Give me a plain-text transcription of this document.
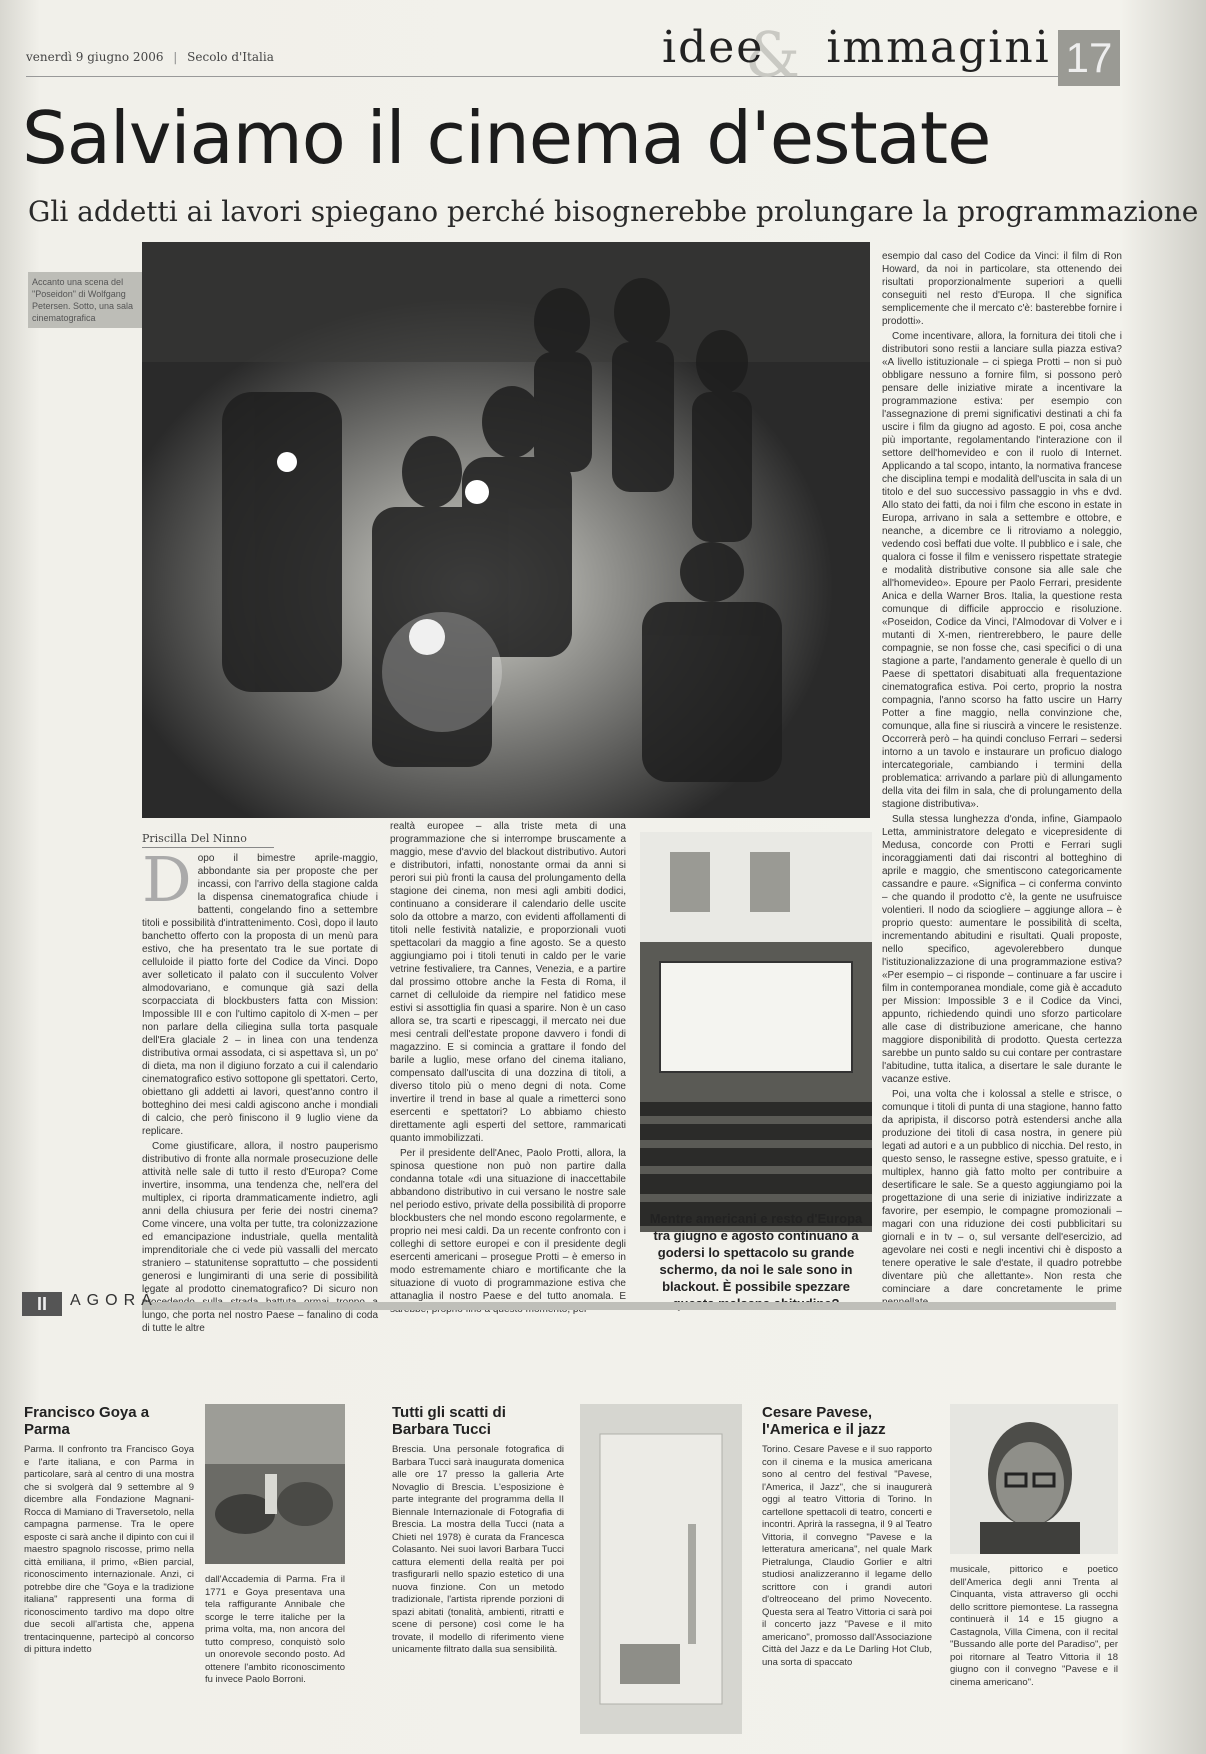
venerdì 9 giugno 2006 | Secolo d'Italia	&
idee immagini 17
Salviamo il cinema d'estate
Gli addetti ai lavori spiegano perché bisognerebbe prolungare la programmazione
Accanto una scena del "Poseidon" di Wolfgang Petersen. Sotto, una sala cinematografica
Priscilla Del Ninno

Dopo il bimestre aprile-maggio, abbondante sia per proposte che per incassi, con l'arrivo della stagione calda la dispensa cinematografica chiude i battenti, congelando fino a settembre titoli e possibilità d'intrattenimento. Così, dopo il lauto banchetto offerto con la proposta di un menù para estivo, che ha presentato tra le sue portate di celluloide il piatto forte del Codice da Vinci. Dopo aver solleticato il palato con il succulento Volver almodovariano, e comunque già sazi della scorpacciata di blockbusters fatta con Mission: Impossible III e con l'ultimo capitolo di X-men – per non parlare della ciliegina sulla torta pasquale dell'Era glaciale 2 – in linea con una tendenza distributiva ormai assodata, ci si aspettava sì, un po' di dieta, ma non il digiuno forzato a cui il calendario cinematografico estivo sottopone gli spettatori. Certo, obiettano gli addetti ai lavori, quest'anno contro il botteghino dei mesi caldi agiscono anche i mondiali di calcio, che però finiscono il 9 luglio viene da replicare.

Come giustificare, allora, il nostro pauperismo distributivo di fronte alla normale prosecuzione delle attività nelle sale di tutto il resto d'Europa? Come invertire, insomma, una tendenza che, nell'era del multiplex, ci riporta drammaticamente indietro, agli anni della chiusura per ferie dei nostri cinema? Come vincere, una volta per tutte, tra colonizzazione ed emancipazione industriale, quella mentalità imprenditoriale che ci vede più vassalli del mercato straniero – statunitense soprattutto – che possidenti generosi e lungimiranti di una serie di possibilità legate al prodotto cinematografico? Di sicuro non lungo, che porta nel nostro Paese – fanalino di coda di tutte le altre

realtà europee – alla triste meta di una programmazione che si interrompe bruscamente a maggio, mese d'avvio del blackout distributivo. Autori e distributori, infatti, nonostante ormai da anni si perori sui più fronti la causa del prolungamento della stagione dei cinema, non mesi agli ambiti dodici, continuano a considerare il calendario delle uscite solo da ottobre a marzo, con evidenti affollamenti di titoli nelle festività natalizie, e proporzionali vuoti spettacolari da maggio a fine agosto. Se a questo aggiungiamo poi i titoli tenuti in caldo per le varie vetrine festivaliere, tra Cannes, Venezia, e a partire dal prossimo ottobre anche la Festa di Roma, il carnet di celluloide da riempire nel fatidico mese estivi si assottiglia fin quasi a sparire. Non è un caso allora se, tra scarti e ripescaggi, il mercato nei due mesi centrali dell'estate propone davvero i fondi di magazzino. E si comincia a grattare il fondo del barile a luglio, mese orfano del cinema italiano, compensato dall'uscita di una dozzina di titoli, a diverso titolo più o meno degni di nota. Come invertire il trend in base al quale a rimetterci sono esercenti e spettatori? Lo abbiamo chiesto direttamente agli esperti del settore, rammaricati quanto immobilizzati.

Per il presidente dell'Anec, Paolo Protti, allora, la spinosa questione non può non partire dalla condanna totale «di una situazione di inaccettabile abbandono distributivo in cui versano le nostre sale nel periodo estivo, private della possibilità di proporre blockbusters che nel mondo escono regolarmente, e proprio nei mesi caldi. Da un recente confronto con i colleghi di settore europei e con il presidente degli esercenti americani – prosegue Protti – è emerso in modo estremamente chiaro e mortificante che la situazione di vuoto di programmazione estiva che attanaglia il nostro Paese e del tutto anomala. E

Mentre americani e resto d'Europa tra giugno e agosto continuano a godersi lo spettacolo su grande schermo, da noi le sale sono in blackout. È possibile spezzare

esempio dal caso del Codice da Vinci: il film di Ron Howard, da noi in particolare, sta ottenendo dei risultati proporzionalmente superiori a quelli conseguiti nel resto d'Europa. Il che significa semplicemente che il mercato c'è: basterebbe fornire i prodotti».

Come incentivare, allora, la fornitura dei titoli che i distributori sono restii a lanciare sulla piazza estiva? «A livello istituzionale – ci spiega Protti – non si può obbligare nessuno a fornire film, si possono però pensare delle iniziative mirate a incentivare la programmazione estiva: per esempio con l'assegnazione di premi significativi destinati a chi fa uscire i film da giugno ad agosto. E poi, cosa anche più importante, regolamentando l'interazione con il settore dell'homevideo e con il ruolo di Internet. Applicando a tal scopo, intanto, la normativa francese che disciplina tempi e modalità dell'uscita in sala di un titolo e del suo successivo passaggio in vhs e dvd. Allo stato dei fatti, da noi i film che escono in estate in Europa, arrivano in sala a settembre e ottobre, e neanche, a dicembre ce li ritroviamo a noleggio, vedendo così beffati due volte. Il pubblico e i sale, che qualora ci fosse il film e venissero rispettate strategie e modalità distributive consone sia alle sale che all'homevideo». Epoure per Paolo Ferrari, presidente Anica e della Warner Bros. Italia, la questione resta comunque di difficile approccio e risoluzione. «Poseidon, Codice da Vinci, l'Almodovar di Volver e i mutanti di X-men, rientrerebbero, le paure delle compagnie, se non fosse che, casi specifici o di una stagione a parte, l'andamento generale è quello di un Paese di spettatori disabituati alla frequentazione cinematografica estiva. Poi certo, proprio la nostra compagnia, l'anno scorso ha fatto uscire un Harry Potter a fine maggio, nella convinzione che, comunque, alla fine si riuscirà a vincere le resistenze. Occorrerà però – ha quindi concluso Ferrari – sedersi intorno a un tavolo e instaurare un proficuo dialogo intercategoriale, cambiando i termini della problematica: arrivando a parlare più di allungamento della vita dei film in sala, che di prolungamento della stagione distributiva».

Sulla stessa lunghezza d'onda, infine, Giampaolo Letta, amministratore delegato e vicepresidente di Medusa, concorde con Protti e Ferrari sugli incoraggiamenti dati dai riscontri al botteghino di aprile e maggio, che smentiscono categoricamente cassandre e paure. «Significa – ci conferma convinto – che quando il prodotto c'è, la gente ne usufruisce volentieri. Il nodo da sciogliere – aggiunge allora – è proprio questo: aumentare le possibilità di scelta, incrementando abitudini e risultati. Quali proposte, nello specifico, agevolerebbero dunque l'istituzionalizzazione di una programmazione estiva? «Per esempio – ci risponde – continuare a far uscire i film in contemporanea mondiale, come già è accaduto per Mission: Impossible 3 e il Codice da Vinci, appunto, richiedendo quindi uno sforzo particolare alle case di distribuzione americane, che hanno maggiore disponibilità di prodotto. Questa certezza sarebbe un punto saldo su cui contare per contrastare l'abitudine, tutta italica, a disertare le sale durante le vacanze estive.

Poi, una volta che i kolossal a stelle e strisce, o comunque i titoli di punta di una stagione, hanno fatto da apripista, il discorso potrà estendersi anche alla produzione dei titoli di casa nostra, in genere più legati ad autori e a un pubblico di nicchia. Del resto, in questo senso, le rassegne estive, spesso gratuite, e i multiplex, hanno già fatto molto per contribuire a desertificare le sale. Se a questo aggiungiamo poi la progettazione di una serie di iniziative indirizzate a favorire, per esempio, le compagne promozionali – magari con una riduzione dei costi pubblicitari su giornali e in tv – o, sul versante dell'esercizio, ad agevolare nei costi e negli incentivi chi è disposto a tenere operative le sale d'estate, il quadro potrebbe diventare più che allettante». Non resta che cominciare a dare concretamente le prime

II	AGORÀ
Francisco Goya a Parma
Parma. Il confronto tra Francisco Goya e l'arte italiana, e con Parma in particolare, sarà al centro di una mostra che si svolgerà dal 9 settembre al 9 dicembre alla Fondazione Magnani-Rocca di Mamiano di Traversetolo, nella campagna parmense. Tra le opere esposte ci sarà anche il dipinto con cui il maestro spagnolo riscosse, primo nella città emiliana, il primo, «Bien parcial, riconoscimento internazionale. Anzi, ci potrebbe dire che "Goya e la tradizione italiana" rappresenti una forma di riconoscimento tardivo ma dopo oltre due secoli all'artista che, appena trentacinquenne, partecipò al concorso di pittura indetto
dall'Accademia di Parma. Fra il 1771 e Goya presentava una tela raffigurante Annibale che scorge le terre italiche per la prima volta, ma, non ancora del tutto compreso, conquistò solo un onorevole secondo posto. Ad ottenere l'ambito riconoscimento fu invece Paolo Borroni.
Tutti gli scatti di Barbara Tucci
Brescia. Una personale fotografica di Barbara Tucci sarà inaugurata domenica alle ore 17 presso la galleria Arte Novaglio di Brescia. L'esposizione è parte integrante del programma della II Biennale Internazionale di Fotografia di Brescia. La mostra della Tucci (nata a Chieti nel 1978) è curata da Francesca Colasanto. Nei suoi lavori Barbara Tucci cattura elementi della realtà per poi trasfigurarli nello spazio estetico di una nuova finzione. Con un metodo tradizionale, l'artista riprende porzioni di spazi abitati (tonalità, ambienti, ritratti e scene di persone) così come le ha trovate, il modello di riferimento viene unicamente filtrato dalla sua sensibilità.
Cesare Pavese, l'America e il jazz
Torino. Cesare Pavese e il suo rapporto con il cinema e la musica americana sono al centro del festival "Pavese, l'America, il Jazz", che si inaugurerà oggi al teatro Vittoria di Torino. In cartellone spettacoli di teatro, concerti e incontri. Aprirà la rassegna, il 9 al Teatro Vittoria, il convegno "Pavese e la letteratura americana", nel quale Mark Pietralunga, Claudio Gorlier e altri studiosi analizzeranno il legame dello scrittore con i grandi autori d'oltreoceano del primo Novecento. Questa sera al Teatro Vittoria ci sarà poi il concerto jazz "Pavese e il mito americano", promosso dall'Associazione Città del Jazz e da Le Darling Hot Club, una sorta di spaccato
musicale, pittorico e poetico dell'America degli anni Trenta al Cinquanta, vista attraverso gli occhi dello scrittore piemontese. La rassegna continuerà il 14 e 15 giugno a Castagnola, Villa Cimena, con il recital "Bussando alle porte del Paradiso", per poi ritornare al Teatro Vittoria il 18 giugno con il convegno "Pavese e il cinema americano".
